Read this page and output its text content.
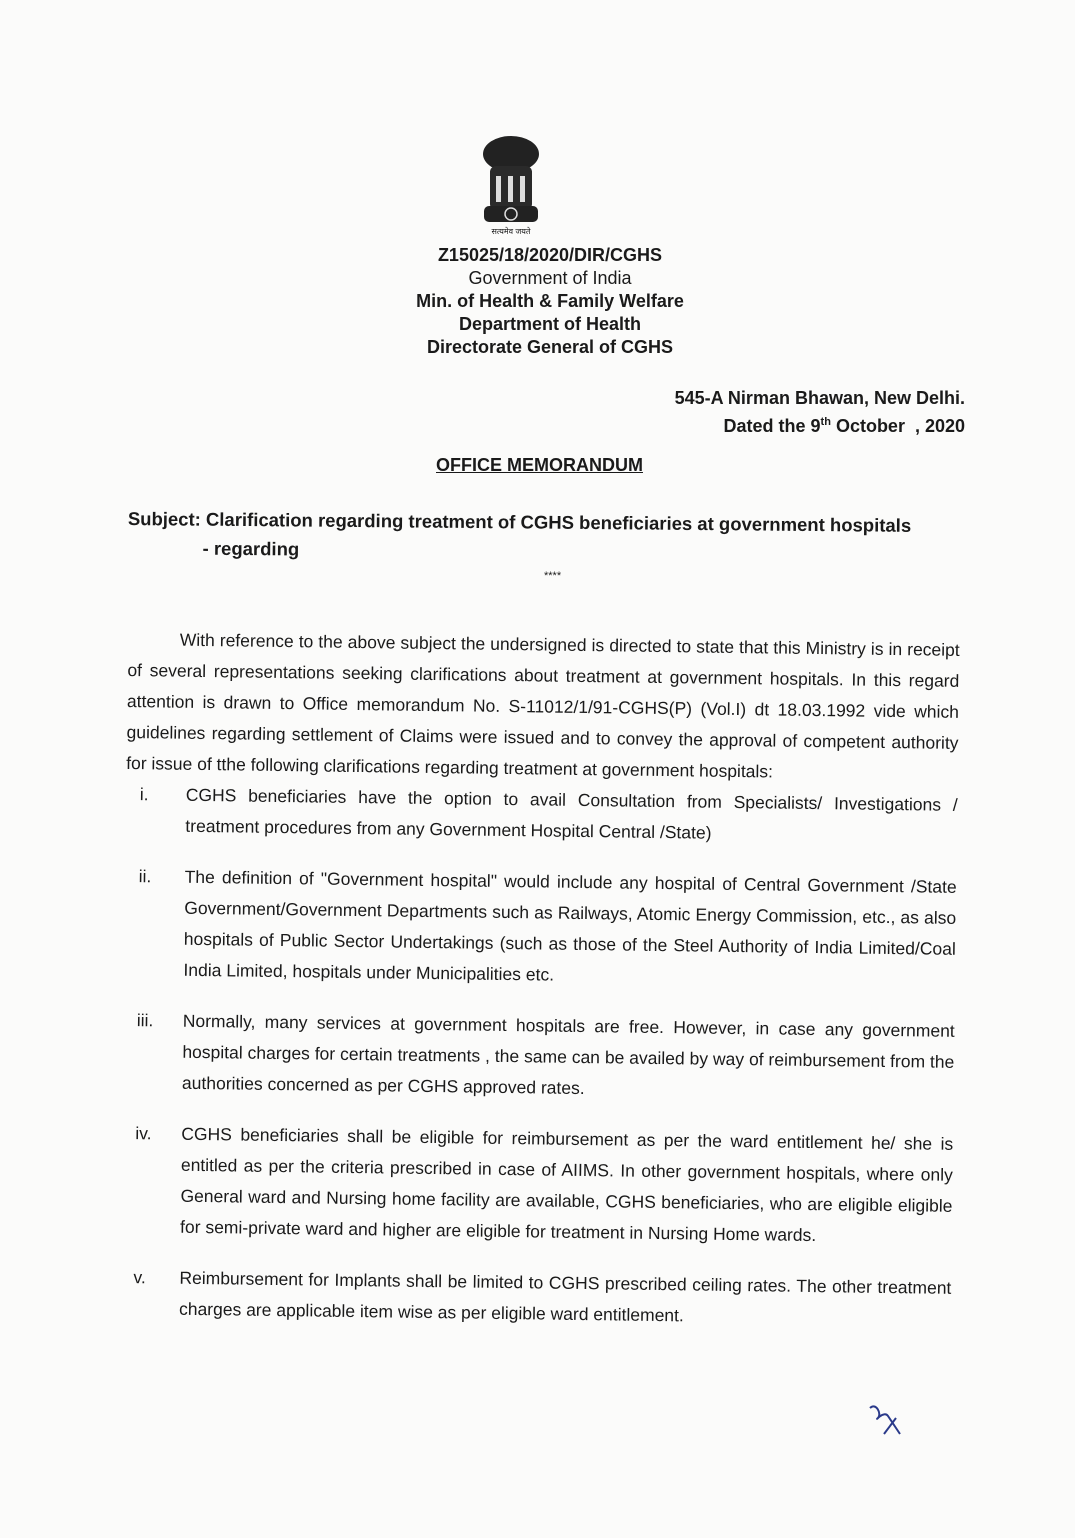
सत्यमेव जयते
Z15025/18/2020/DIR/CGHS
Government of India
Min. of Health & Family Welfare
Department of Health
Directorate General of CGHS
545-A Nirman Bhawan, New Delhi.
Dated the 9th October  , 2020
OFFICE MEMORANDUM
Subject: Clarification regarding treatment of CGHS beneficiaries at government hospitals
- regarding
****

With reference to the above subject the undersigned is directed to state that this Ministry is in receipt of several representations seeking clarifications about treatment at government hospitals. In this regard attention is drawn to Office memorandum No. S-11012/1/91-CGHS(P) (Vol.I) dt 18.03.1992 vide which guidelines regarding settlement of Claims were issued and to convey the approval of competent authority for issue of tthe following clarifications regarding treatment at government hospitals:

i.	CGHS beneficiaries have the option to avail Consultation from Specialists/ Investigations / treatment procedures from any Government Hospital Central /State)
ii.	The definition of "Government hospital" would include any hospital of Central Government /State Government/Government Departments such as Railways, Atomic Energy Commission, etc., as also hospitals of Public Sector Undertakings (such as those of the Steel Authority of India Limited/Coal India Limited, hospitals under Municipalities etc.
iii.	Normally, many services at government hospitals are free. However, in case any government hospital charges for certain treatments , the same can be availed by way of reimbursement from the authorities concerned as per CGHS approved rates.
iv.	CGHS beneficiaries shall be eligible for reimbursement as per the ward entitlement he/ she is entitled as per the criteria prescribed in case of AIIMS. In other government hospitals, where only General ward and Nursing home facility are available, CGHS beneficiaries, who are eligible eligible for semi-private ward and higher are eligible for treatment in Nursing Home wards.
v.	Reimbursement for Implants shall be limited to CGHS prescribed ceiling rates. The other treatment charges are applicable item wise as per eligible ward entitlement.
